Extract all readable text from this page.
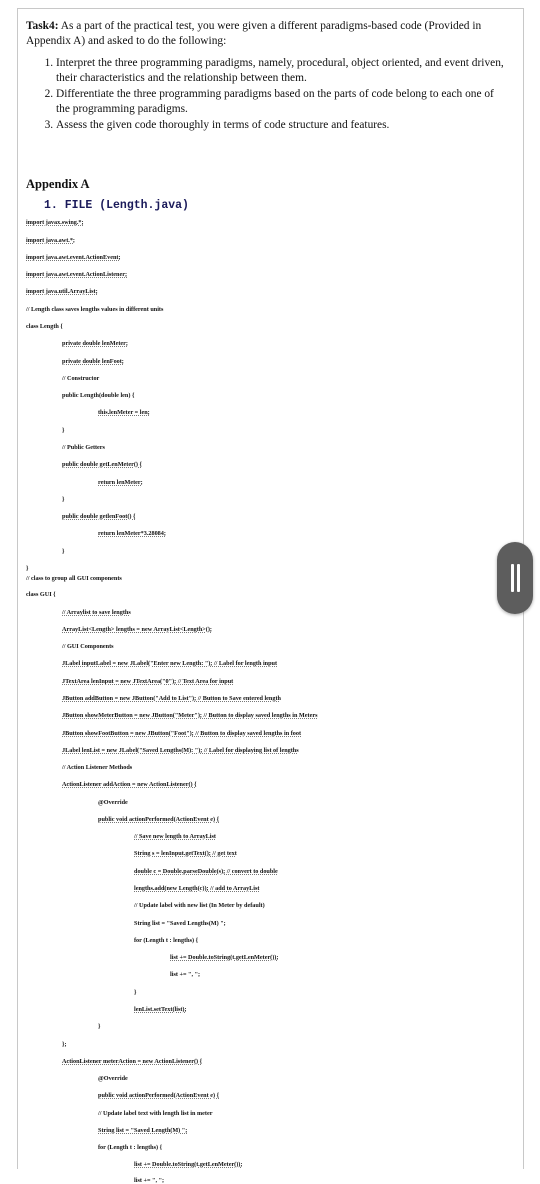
Task4: As a part of the practical test, you were given a different paradigms-based code (Provided in Appendix A) and asked to do the following:
1. Interpret the three programming paradigms, namely, procedural, object oriented, and event driven, their characteristics and the relationship between them.
2. Differentiate the three programming paradigms based on the parts of code belong to each one of the programming paradigms.
3. Assess the given code thoroughly in terms of code structure and features.
Appendix A
1. FILE (Length.java)
import javax.swing.*;
import java.awt.*;
import java.awt.event.ActionEvent;
import java.awt.event.ActionListener;
import java.util.ArrayList;
// Length class saves lengths values in different units
class Length {
private double lenMeter;
private double lenFoot;
// Constructor
public Length(double len) {
this.lenMeter = len;
}
// Public Getters
public double getLenMeter() {
return lenMeter;
}
public double getlenFoot() {
return lenMeter*3.28084;
}
}
// class to group all GUI components
class GUI {
// Arraylist to save lengths
ArrayList<Length> lengths = new ArrayList<Length>();
// GUI Components
JLabel inputLabel = new JLabel("Enter new Length: "); // Label for length input
JTextArea lenInput = new JTextArea("0"); // Text Area for input
JButton addButton = new JButton("Add to List"); // Button to Save entered length
JButton showMeterButton = new JButton("Meter"); // Button to display saved lengths in Meters
JButton showFootButton = new JButton("Foot"); // Button to display saved lengths in foot
JLabel lenList = new JLabel("Saved Lengths(M): "); // Label for displaying list of lengths
// Action Listener Methods
ActionListener addAction = new ActionListener() {
@Override
public void actionPerformed(ActionEvent e) {
// Save new length to ArrayList
String s = lenInput.getText(); // get text
double c = Double.parseDouble(s); // convert to double
lengths.add(new Length(c)); // add to ArrayList
// Update label with new list (In Meter by default)
String list = "Saved Lengths(M) ";
for (Length t : lengths) {
list += Double.toString(t.getLenMeter());
list += ", ";
}
lenList.setText(list);
}
};
ActionListener meterAction = new ActionListener() {
@Override
public void actionPerformed(ActionEvent e) {
// Update label text with length list in meter
String list = "Saved Length(M) ";
for (Length t : lengths) {
list += Double.toString(t.getLenMeter());
list += ", ";
